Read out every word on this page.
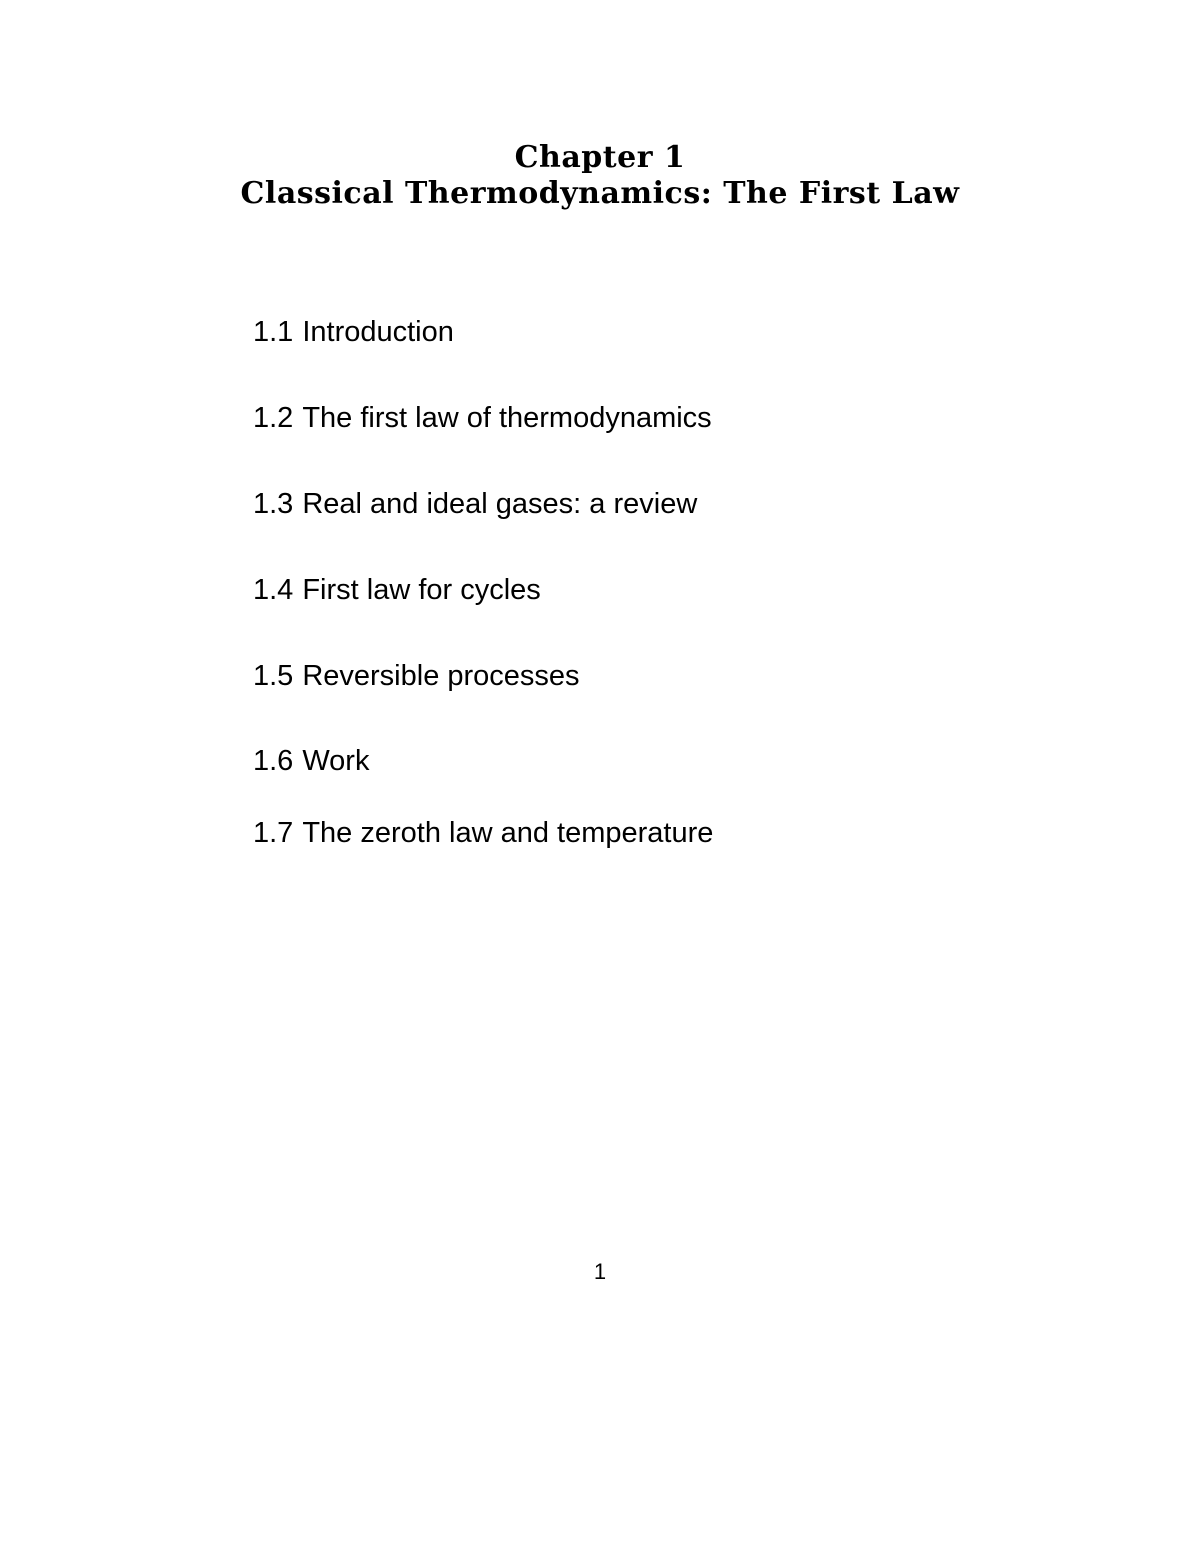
Chapter 1
Classical Thermodynamics: The First Law
1.1 Introduction
1.2 The first law of thermodynamics
1.3 Real and ideal gases: a review
1.4 First law for cycles
1.5 Reversible processes
1.6 Work
1.7 The zeroth law and temperature
1
